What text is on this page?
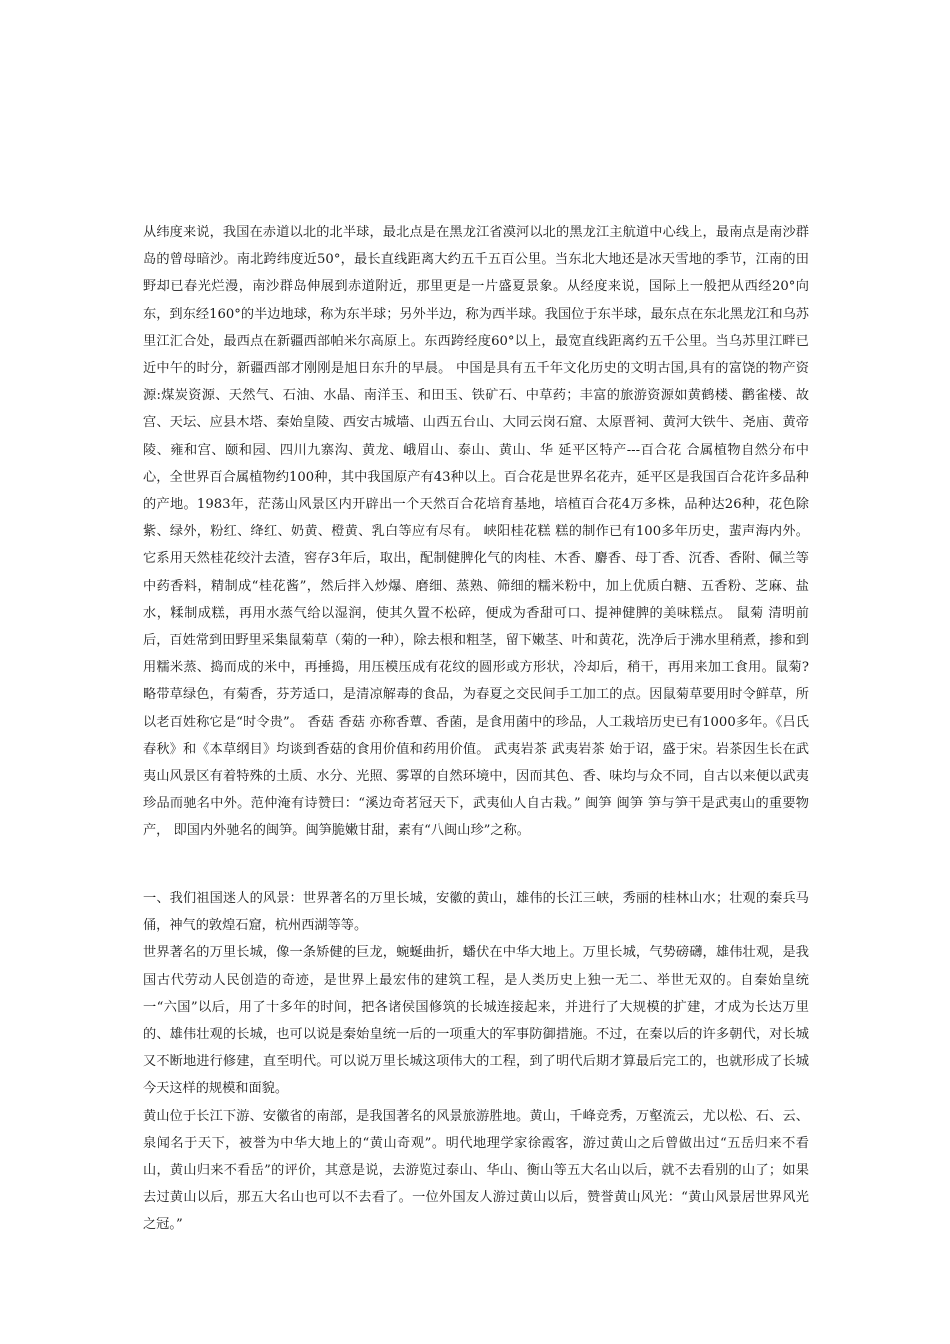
从纬度来说，我国在赤道以北的北半球，最北点是在黑龙江省漠河以北的黑龙江主航道中心线上，最南点是南沙群岛的曾母暗沙。南北跨纬度近50°，最长直线距离大约五千五百公里。当东北大地还是冰天雪地的季节，江南的田野却已春光烂漫，南沙群岛伸展到赤道附近，那里更是一片盛夏景象。从经度来说，国际上一般把从西经20°向东，到东经160°的半边地球，称为东半球；另外半边，称为西半球。我国位于东半球，最东点在东北黑龙江和乌苏里江汇合处，最西点在新疆西部帕米尔高原上。东西跨经度60°以上，最宽直线距离约五千公里。当乌苏里江畔已近中午的时分，新疆西部才刚刚是旭日东升的早晨。 中国是具有五千年文化历史的文明古国,具有的富饶的物产资源:煤炭资源、天然气、石油、水晶、南洋玉、和田玉、铁矿石、中草药；丰富的旅游资源如黄鹤楼、鹳雀楼、故宫、天坛、应县木塔、秦始皇陵、西安古城墙、山西五台山、大同云岗石窟、太原晋祠、黄河大铁牛、尧庙、黄帝陵、雍和宫、颐和园、四川九寨沟、黄龙、峨眉山、泰山、黄山、华 延平区特产---百合花 合属植物自然分布中心，全世界百合属植物约100种，其中我国原产有43种以上。百合花是世界名花卉，延平区是我国百合花许多品种的产地。1983年，茫荡山风景区内开辟出一个天然百合花培育基地，培植百合花4万多株，品种达26种，花色除紫、绿外，粉红、绛红、奶黄、橙黄、乳白等应有尽有。 峡阳桂花糕 糕的制作已有100多年历史，蜚声海内外。它系用天然桂花绞汁去渣，窖存3年后，取出，配制健脾化气的肉桂、木香、麝香、母丁香、沉香、香附、佩兰等中药香料，精制成“桂花酱”，然后拌入炒爆、磨细、蒸熟、筛细的糯米粉中，加上优质白糖、五香粉、芝麻、盐水，糅制成糕，再用水蒸气给以湿润，使其久置不松碎，便成为香甜可口、提神健脾的美味糕点。 鼠菊 清明前后，百姓常到田野里采集鼠菊草（菊的一种），除去根和粗茎，留下嫩茎、叶和黄花，洗净后于沸水里稍煮，掺和到用糯米蒸、捣而成的米中，再捶捣，用压模压成有花纹的圆形或方形状，冷却后，稍干，再用来加工食用。鼠菊?略带草绿色，有菊香，芬芳适口，是清凉解毒的食品，为春夏之交民间手工加工的点。因鼠菊草要用时令鲜草，所以老百姓称它是“时令贵”。 香菇 香菇 亦称香蕈、香菌，是食用菌中的珍品，人工栽培历史已有1000多年。《吕氏春秋》和《本草纲目》均谈到香菇的食用价值和药用价值。 武夷岩茶 武夷岩茶 始于诏，盛于宋。岩茶因生长在武夷山风景区有着特殊的土质、水分、光照、雾罩的自然环境中，因而其色、香、味均与众不同，自古以来便以武夷珍品而驰名中外。范仲淹有诗赞曰：“溪边奇茗冠天下，武夷仙人自古栽。” 闽笋 闽笋 笋与笋干是武夷山的重要物产， 即国内外驰名的闽笋。闽笋脆嫩甘甜，素有“八闽山珍”之称。

一、我们祖国迷人的风景：世界著名的万里长城，安徽的黄山，雄伟的长江三峡，秀丽的桂林山水；壮观的秦兵马俑，神气的敦煌石窟，杭州西湖等等。

世界著名的万里长城，像一条矫健的巨龙，蜿蜒曲折，蟠伏在中华大地上。万里长城，气势磅礴，雄伟壮观，是我国古代劳动人民创造的奇迹，是世界上最宏伟的建筑工程，是人类历史上独一无二、举世无双的。自秦始皇统一“六国”以后，用了十多年的时间，把各诸侯国修筑的长城连接起来，并进行了大规模的扩建，才成为长达万里的、雄伟壮观的长城，也可以说是秦始皇统一后的一项重大的军事防御措施。不过，在秦以后的许多朝代，对长城又不断地进行修建，直至明代。可以说万里长城这项伟大的工程，到了明代后期才算最后完工的，也就形成了长城今天这样的规模和面貌。

黄山位于长江下游、安徽省的南部，是我国著名的风景旅游胜地。黄山，千峰竞秀，万壑流云，尤以松、石、云、泉闻名于天下，被誉为中华大地上的“黄山奇观”。明代地理学家徐霞客，游过黄山之后曾做出过“五岳归来不看山，黄山归来不看岳”的评价，其意是说，去游览过泰山、华山、衡山等五大名山以后，就不去看别的山了；如果去过黄山以后，那五大名山也可以不去看了。一位外国友人游过黄山以后，赞誉黄山风光：“黄山风景居世界风光之冠。”
